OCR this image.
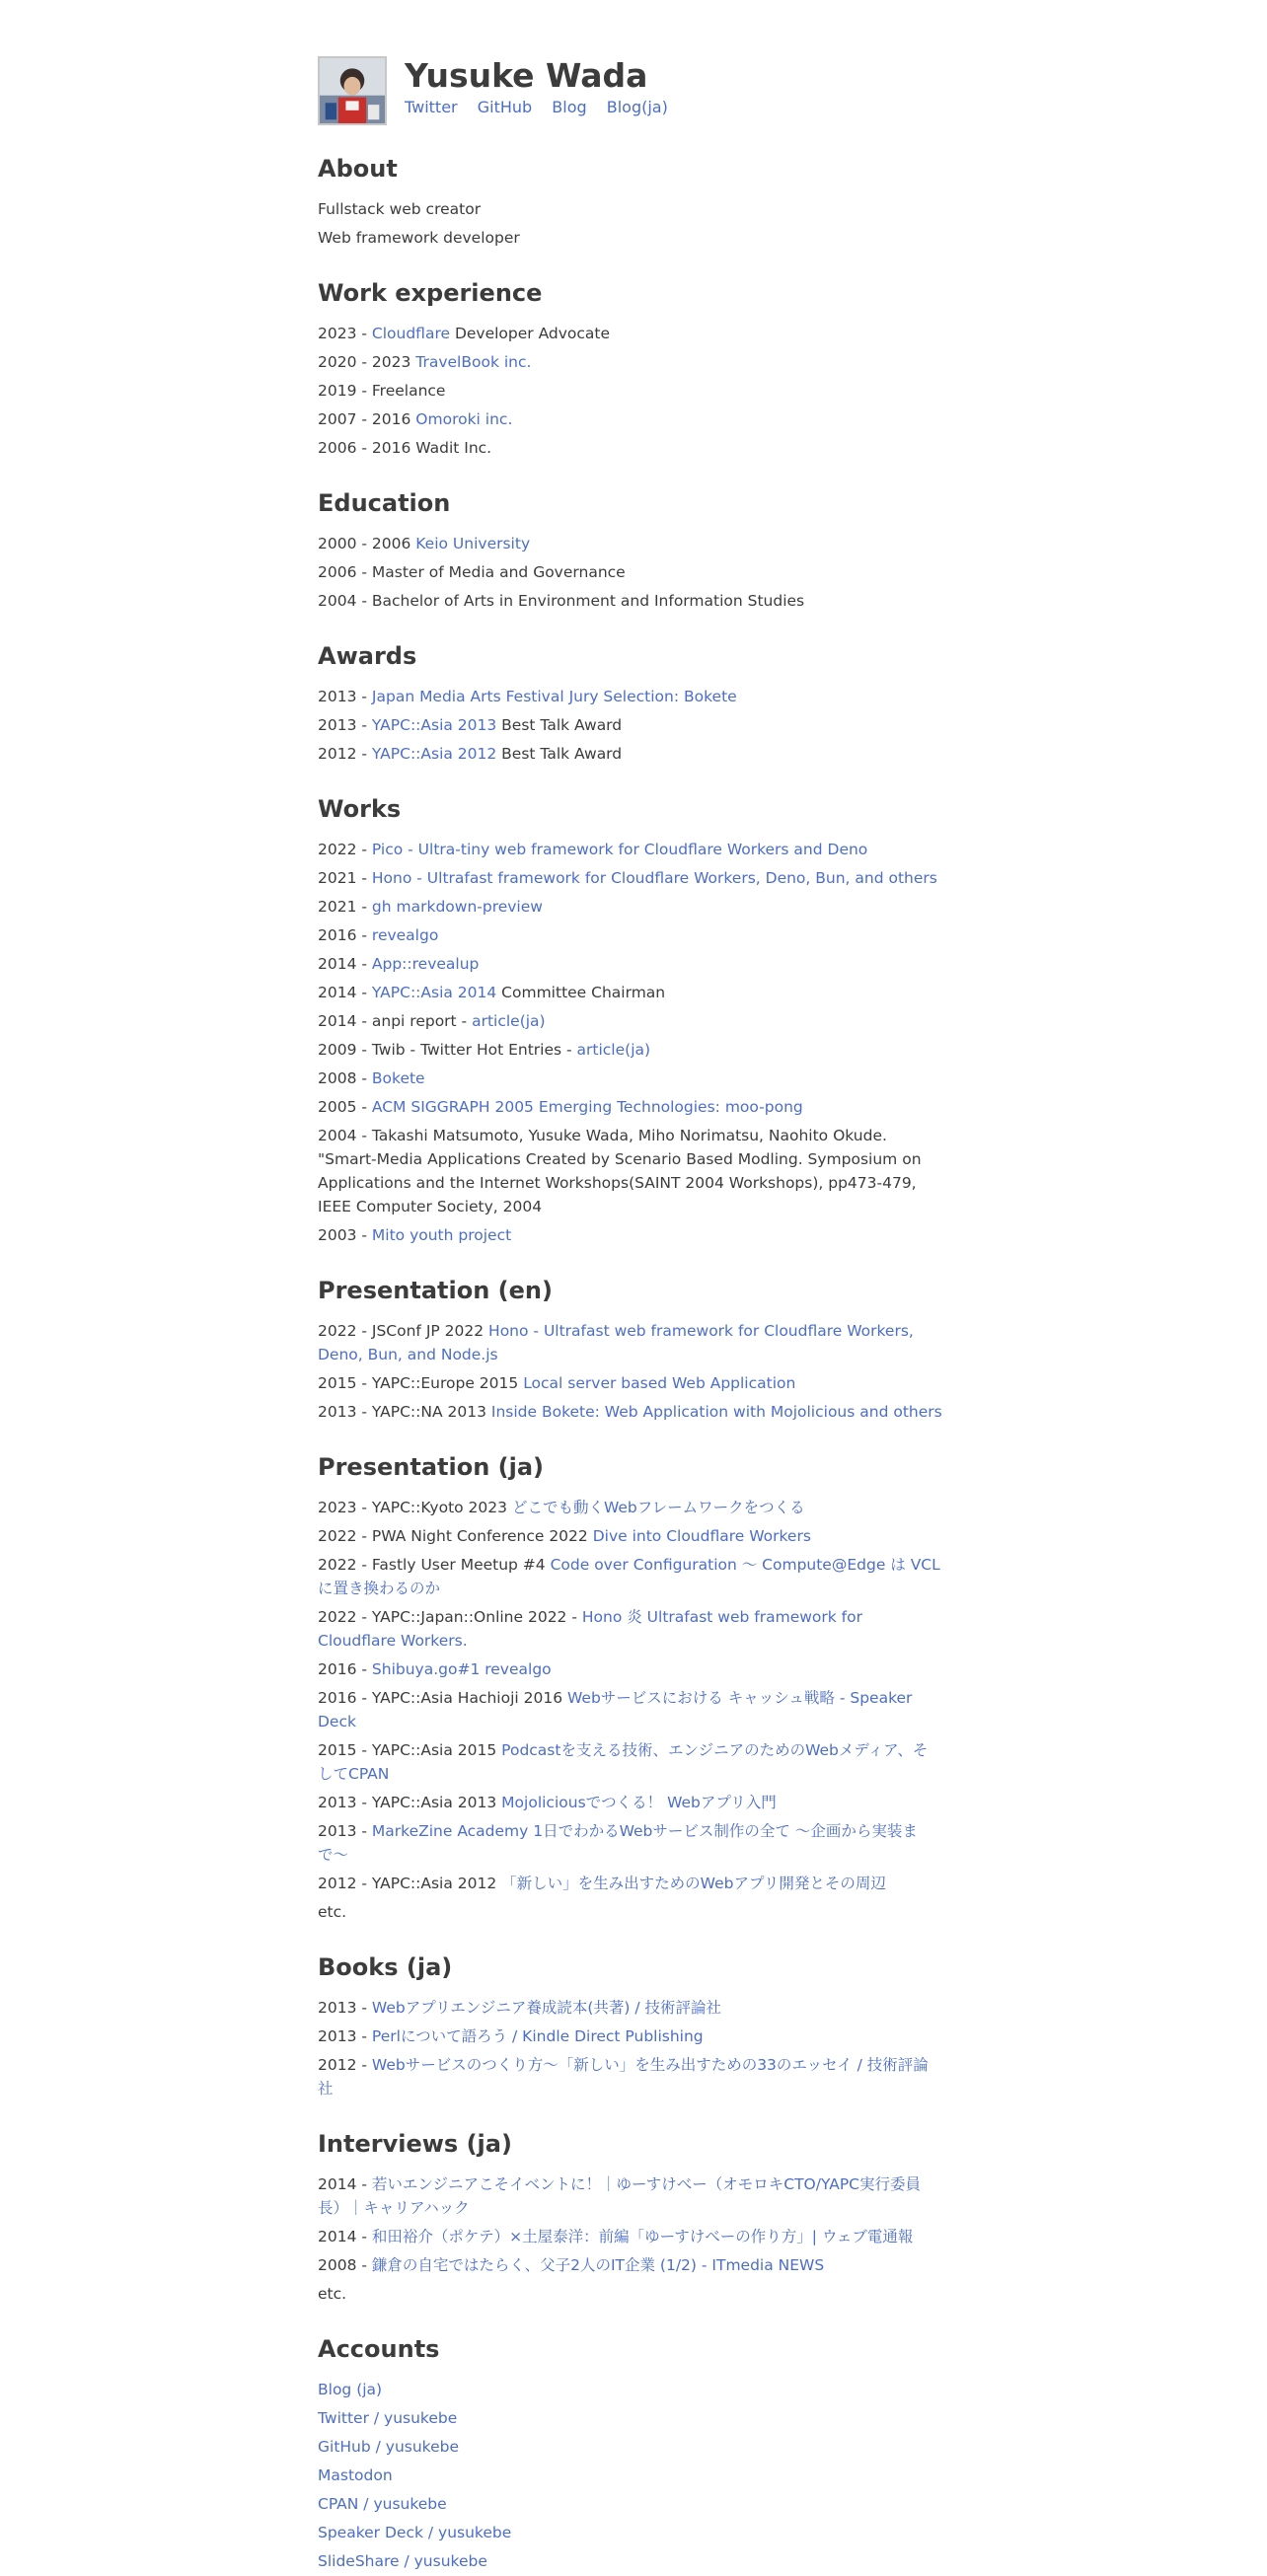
Yusuke Wada
Twitter GitHub Blog Blog(ja)
About
Fullstack web creator
Web framework developer
Work experience
2023 - Cloudflare Developer Advocate
2020 - 2023 TravelBook inc.
2019 - Freelance
2007 - 2016 Omoroki inc.
2006 - 2016 Wadit Inc.
Education
2000 - 2006 Keio University
2006 - Master of Media and Governance
2004 - Bachelor of Arts in Environment and Information Studies
Awards
2013 - Japan Media Arts Festival Jury Selection: Bokete
2013 - YAPC::Asia 2013 Best Talk Award
2012 - YAPC::Asia 2012 Best Talk Award
Works
2022 - Pico - Ultra-tiny web framework for Cloudflare Workers and Deno
2021 - Hono - Ultrafast framework for Cloudflare Workers, Deno, Bun, and others
2021 - gh markdown-preview
2016 - revealgo
2014 - App::revealup
2014 - YAPC::Asia 2014 Committee Chairman
2014 - anpi report - article(ja)
2009 - Twib - Twitter Hot Entries - article(ja)
2008 - Bokete
2005 - ACM SIGGRAPH 2005 Emerging Technologies: moo-pong
2004 - Takashi Matsumoto, Yusuke Wada, Miho Norimatsu, Naohito Okude. "Smart-Media Applications Created by Scenario Based Modling. Symposium on Applications and the Internet Workshops(SAINT 2004 Workshops), pp473-479, IEEE Computer Society, 2004
2003 - Mito youth project
Presentation (en)
2022 - JSConf JP 2022 Hono - Ultrafast web framework for Cloudflare Workers, Deno, Bun, and Node.js
2015 - YAPC::Europe 2015 Local server based Web Application
2013 - YAPC::NA 2013 Inside Bokete: Web Application with Mojolicious and others
Presentation (ja)
2023 - YAPC::Kyoto 2023 どこでも動くWebフレームワークをつくる
2022 - PWA Night Conference 2022 Dive into Cloudflare Workers
2022 - Fastly User Meetup #4 Code over Configuration 〜 Compute@Edge は VCL に置き換わるのか
2022 - YAPC::Japan::Online 2022 - Hono 炎 Ultrafast web framework for Cloudflare Workers.
2016 - Shibuya.go#1 revealgo
2016 - YAPC::Asia Hachioji 2016 Webサービスにおける キャッシュ戦略 - Speaker Deck
2015 - YAPC::Asia 2015 Podcastを支える技術、エンジニアのためのWebメディア、そしてCPAN
2013 - YAPC::Asia 2013 Mojoliciousでつくる！ Webアプリ入門
2013 - MarkeZine Academy 1日でわかるWebサービス制作の全て 〜企画から実装まで〜
2012 - YAPC::Asia 2012 「新しい」を生み出すためのWebアプリ開発とその周辺
etc.
Books (ja)
2013 - Webアプリエンジニア養成読本(共著) / 技術評論社
2013 - Perlについて語ろう / Kindle Direct Publishing
2012 - Webサービスのつくり方〜「新しい」を生み出すための33のエッセイ / 技術評論社
Interviews (ja)
2014 - 若いエンジニアこそイベントに！｜ゆーすけべー（オモロキCTO/YAPC実行委員長）｜キャリアハック
2014 - 和田裕介（ポケテ）×土屋泰洋：前編「ゆーすけべーの作り方」| ウェブ電通報
2008 - 鎌倉の自宅ではたらく、父子2人のIT企業 (1/2) - ITmedia NEWS
etc.
Accounts
Blog (ja)
Twitter / yusukebe
GitHub / yusukebe
Mastodon
CPAN / yusukebe
Speaker Deck / yusukebe
SlideShare / yusukebe
